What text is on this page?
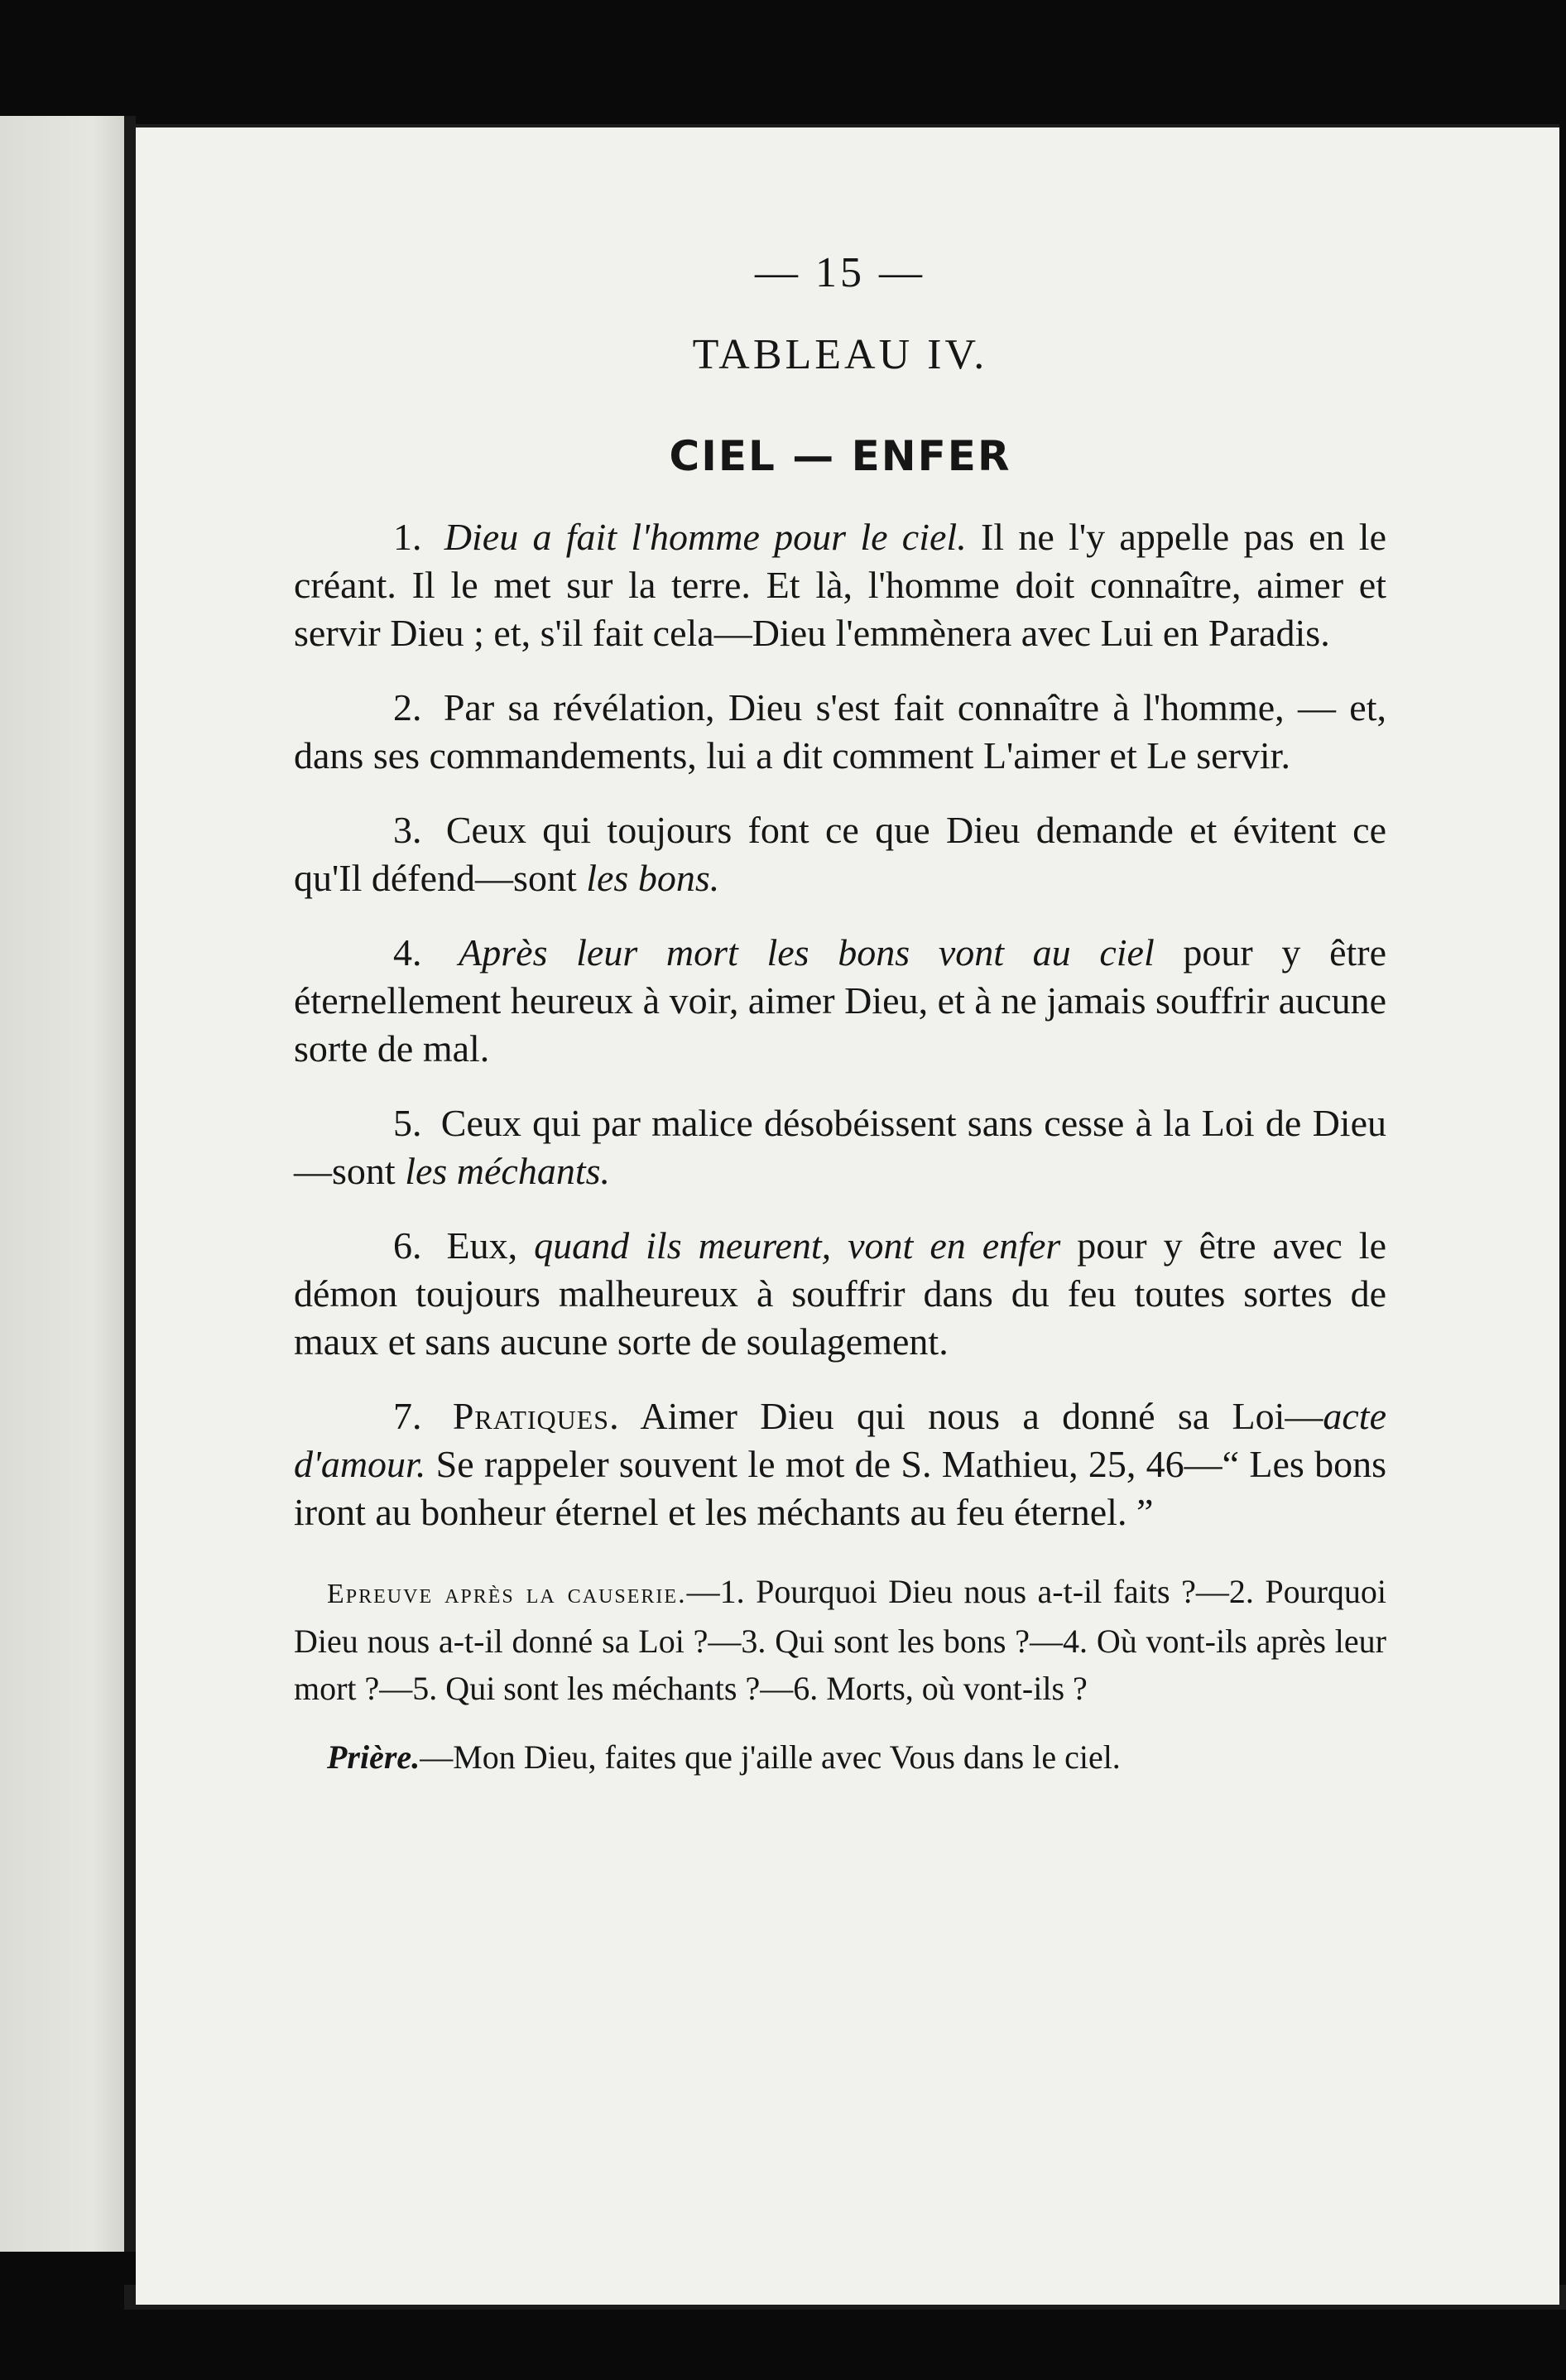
— 15 —
TABLEAU IV.
CIEL — ENFER

1. Dieu a fait l'homme pour le ciel. Il ne l'y appelle pas en le créant. Il le met sur la terre. Et là, l'homme doit connaître, aimer et servir Dieu ; et, s'il fait cela—Dieu l'emmènera avec Lui en Paradis.

2. Par sa révélation, Dieu s'est fait connaître à l'homme, — et, dans ses commandements, lui a dit comment L'aimer et Le servir.

3. Ceux qui toujours font ce que Dieu demande et évitent ce qu'Il défend—sont les bons.

4. Après leur mort les bons vont au ciel pour y être éternellement heureux à voir, aimer Dieu, et à ne jamais souffrir aucune sorte de mal.

5. Ceux qui par malice désobéissent sans cesse à la Loi de Dieu—sont les méchants.

6. Eux, quand ils meurent, vont en enfer pour y être avec le démon toujours malheureux à souffrir dans du feu toutes sortes de maux et sans aucune sorte de soulagement.

7. Pratiques. Aimer Dieu qui nous a donné sa Loi—acte d'amour. Se rappeler souvent le mot de S. Mathieu, 25, 46—“ Les bons iront au bonheur éternel et les méchants au feu éternel. ”

Epreuve après la causerie.—1. Pourquoi Dieu nous a-t-il faits ?—2. Pourquoi Dieu nous a-t-il donné sa Loi ?—3. Qui sont les bons ?—4. Où vont-ils après leur mort ?—5. Qui sont les méchants ?—6. Morts, où vont-ils ?

Prière.—Mon Dieu, faites que j'aille avec Vous dans le ciel.
